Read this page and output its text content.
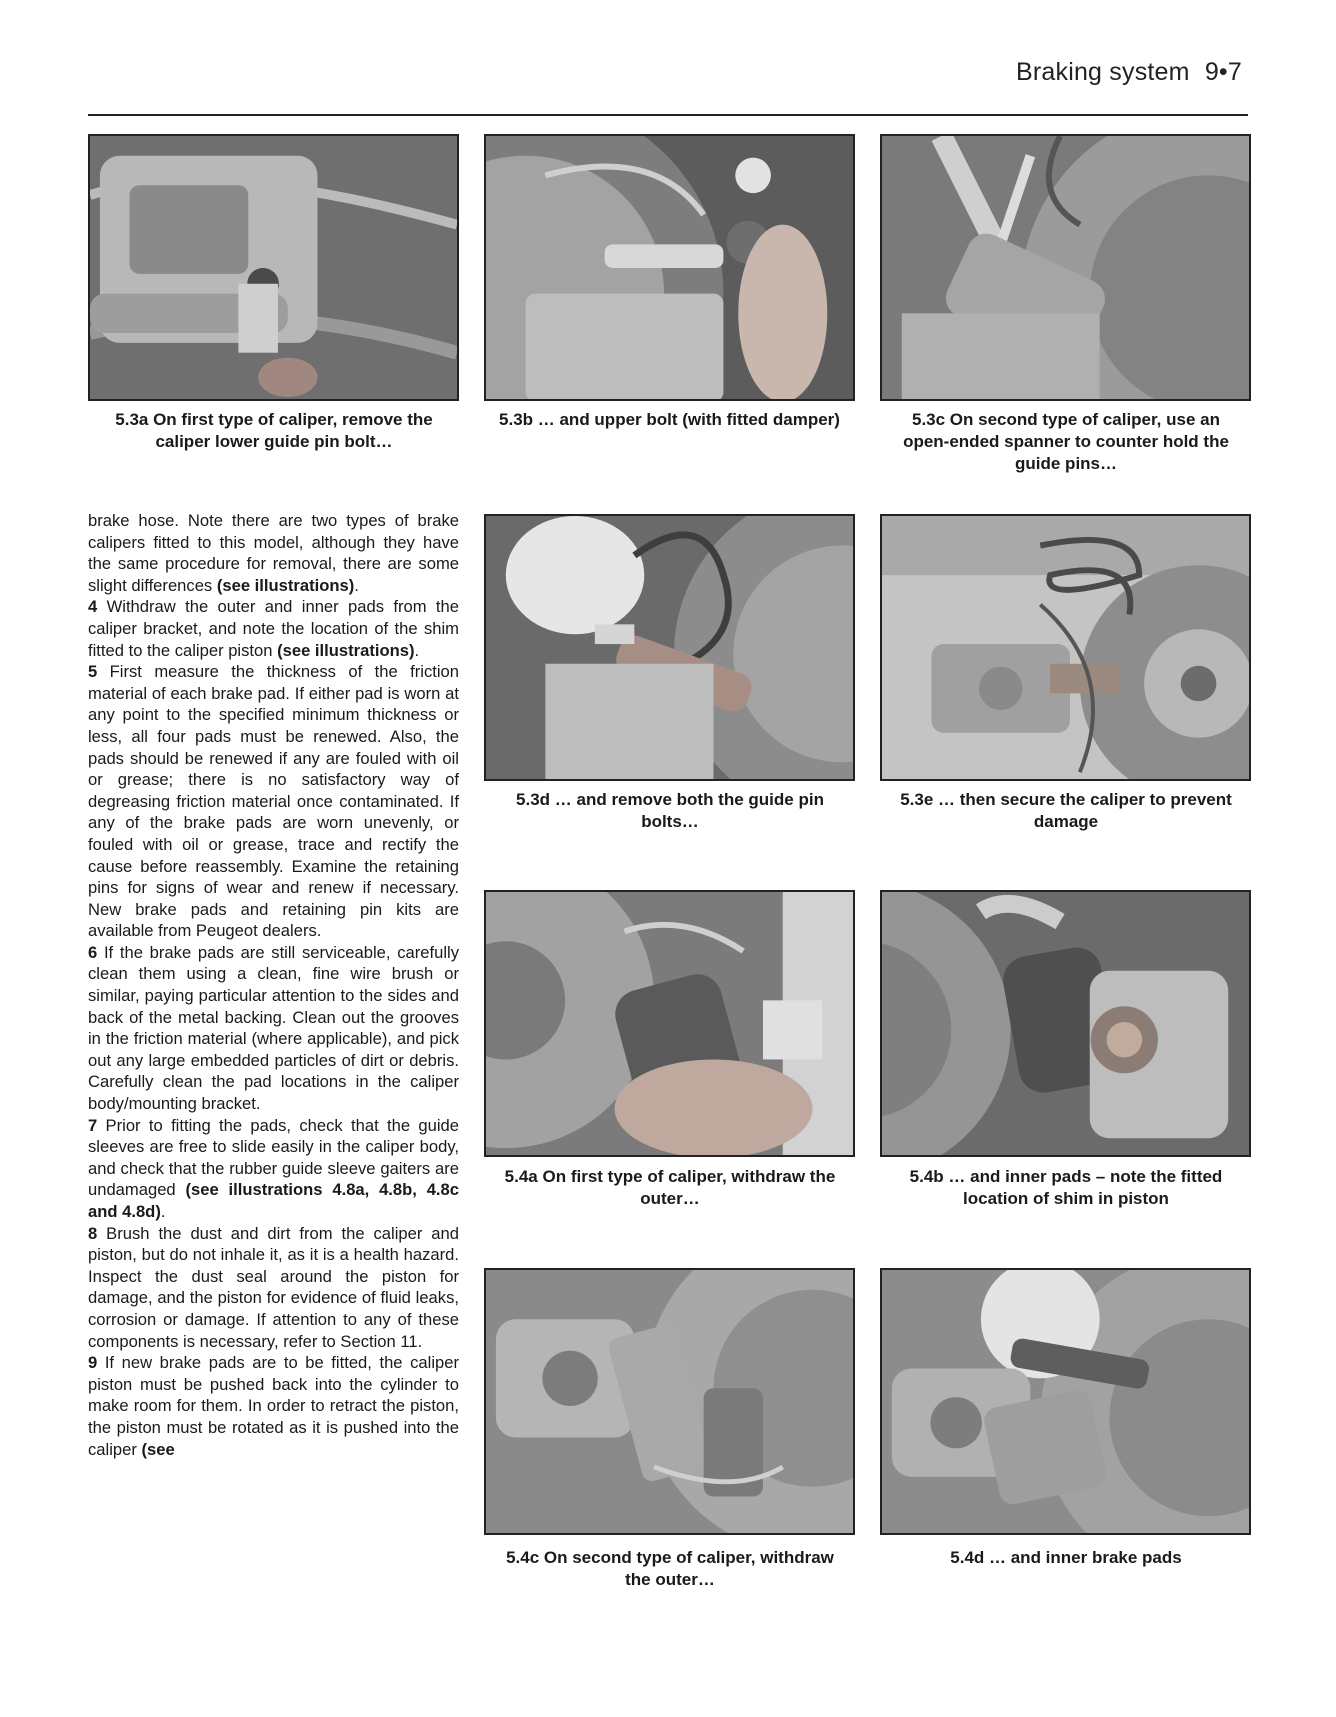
Braking system 9•7
5.3a On first type of caliper, remove the caliper lower guide pin bolt…
5.3b … and upper bolt (with fitted damper)	5.3c On second type of caliper, use an open-ended spanner to counter hold the guide pins…

brake hose. Note there are two types of brake calipers fitted to this model, although they have the same procedure for removal, there are some slight differences (see illustrations).

4 Withdraw the outer and inner pads from the caliper bracket, and note the location of the shim fitted to the caliper piston (see illustrations).

5 First measure the thickness of the friction material of each brake pad. If either pad is worn at any point to the specified minimum thickness or less, all four pads must be renewed. Also, the pads should be renewed if any are fouled with oil or grease; there is no satisfactory way of degreasing friction material once contaminated. If any of the brake pads are worn unevenly, or fouled with oil or grease, trace and rectify the cause before reassembly. Examine the retaining pins for signs of wear and renew if necessary. New brake pads and retaining pin kits are available from Peugeot dealers.

6 If the brake pads are still serviceable, carefully clean them using a clean, fine wire brush or similar, paying particular attention to the sides and back of the metal backing. Clean out the grooves in the friction material (where applicable), and pick out any large embedded particles of dirt or debris. Carefully clean the pad locations in the caliper body/mounting bracket.

7 Prior to fitting the pads, check that the guide sleeves are free to slide easily in the caliper body, and check that the rubber guide sleeve gaiters are undamaged (see illustrations 4.8a, 4.8b, 4.8c and 4.8d).

8 Brush the dust and dirt from the caliper and piston, but do not inhale it, as it is a health hazard. Inspect the dust seal around the piston for damage, and the piston for evidence of fluid leaks, corrosion or damage. If attention to any of these components is necessary, refer to Section 11.

9 If new brake pads are to be fitted, the caliper piston must be pushed back into the cylinder to make room for them. In order to retract the piston, the piston must be rotated as it is pushed into the caliper (see

5.3d … and remove both the guide pin bolts…
5.3e … then secure the caliper to prevent damage
5.4a On first type of caliper, withdraw the outer…
5.4b … and inner pads – note the fitted location of shim in piston
5.4c On second type of caliper, withdraw the outer…
5.4d … and inner brake pads
